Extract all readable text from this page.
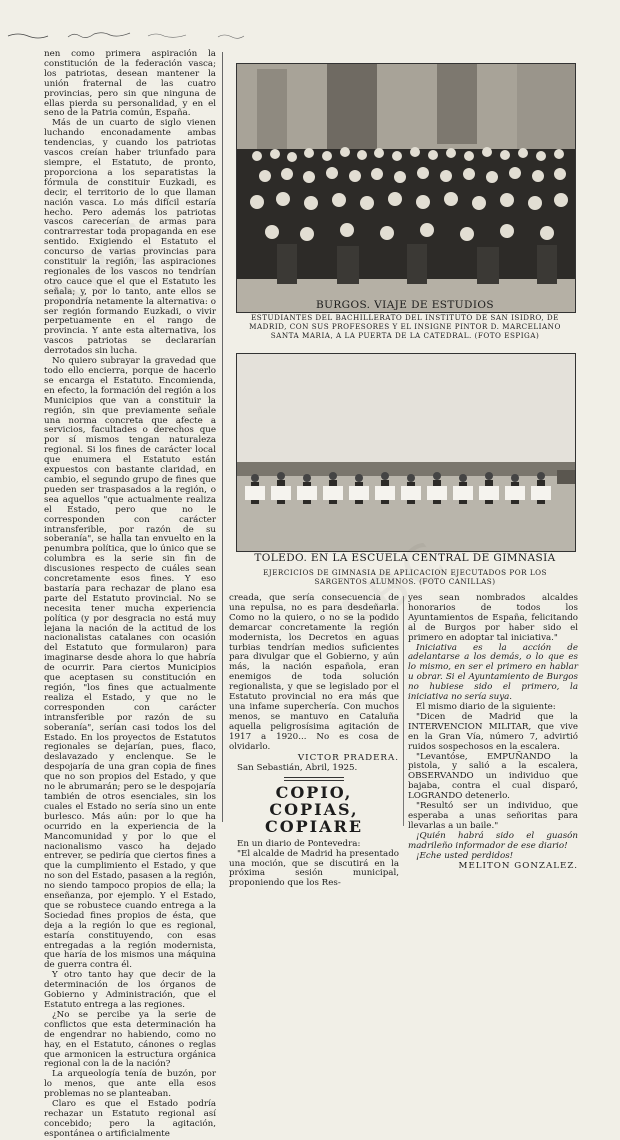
nen como primera aspiración la constitución de la federación vasca; los patriotas, desean mantener la unión fraternal de las cuatro provincias, pero sin que ninguna de ellas pierda su personalidad, y en el seno de la Patria común, España.

Más de un cuarto de siglo vienen luchando enconadamente ambas tendencias, y cuando los patriotas vascos creían haber triunfado para siempre, el Estatuto, de pronto, proporciona a los separatistas la fórmula de constituir Euzkadi, es decir, el territorio de lo que llaman nación vasca. Lo más difícil estaría hecho. Pero además los patriotas vascos carecerían de armas para contrarrestar toda propaganda en ese sentido. Exigiendo el Estatuto el concurso de varias provincias para constituir la región, las aspiraciones regionales de los vascos no tendrían otro cauce que el que el Estatuto les señala; y, por lo tanto, ante ellos se propondría netamente la alternativa: o ser región formando Euzkadi, o vivir perpetuamente en el rango de provincia. Y ante esta alternativa, los vascos patriotas se declararían derrotados sin lucha.

No quiero subrayar la gravedad que todo ello encierra, porque de hacerlo se encarga el Estatuto. Encomienda, en efecto, la formación del región a los Municipios que van a constituir la región, sin que previamente señale una norma concreta que afecte a servicios, facultades o derechos que por sí mismos tengan naturaleza regional. Si los fines de carácter local que enumera el Estatuto están expuestos con bastante claridad, en cambio, el segundo grupo de fines que pueden ser traspasados a la región, o sea aquellos "que actualmente realiza el Estado, pero que no le corresponden con carácter intransferible, por razón de su soberanía", se halla tan envuelto en la penumbra política, que lo único que se columbra es la serie sin fin de discusiones respecto de cuáles sean concretamente esos fines. Y eso bastaría para rechazar de plano esa parte del Estatuto provincial. No se necesita tener mucha experiencia política (y por desgracia no está muy lejana la nación de la actitud de los nacionalistas catalanes con ocasión del Estatuto que formularon) para imaginarse desde ahora lo que habría de ocurrir. Para ciertos Municipios que aceptasen su constitución en región, "los fines que actualmente realiza el Estado, y que no le corresponden con carácter intransferible por razón de su soberanía", serían casi todos los del Estado. En los proyectos de Estatutos regionales se dejarían, pues, flaco, deslavazado y enclenque. Se le despojaría de una gran copia de fines que no son propios del Estado, y que no le abrumarán; pero se le despojaría también de otros esenciales, sin los cuales el Estado no sería sino un ente burlesco. Más aún: por lo que ha ocurrido en la experiencia de la Mancomunidad y por lo que el nacionalismo vasco ha dejado entrever, se pediría que ciertos fines a que la cumplimiento el Estado, y que no son del Estado, pasasen a la región, no siendo tampoco propios de ella; la enseñanza, por ejemplo. Y el Estado, que se robustece cuando entrega a la Sociedad fines propios de ésta, que deja a la región lo que es regional, estaría constituyendo, con esas entregadas a la región modernista, que haría de los mismos una máquina de guerra contra él.

Y otro tanto hay que decir de la determinación de los órganos de Gobierno y Administración, que el Estatuto entrega a las regiones.

¿No se percibe ya la serie de conflictos que esta determinación ha de engendrar no habiendo, como no hay, en el Estatuto, cánones o reglas que armonicen la estructura orgánica regional con la de la nación?

La arqueología tenía de buzón, por lo menos, que ante ella esos problemas no se planteaban.

Claro es que el Estado podría rechazar un Estatuto regional así concebido; pero la agitación, espontánea o artificialmente

BURGOS. VIAJE DE ESTUDIOS
ESTUDIANTES DEL BACHILLERATO DEL INSTITUTO DE SAN ISIDRO, DE MADRID, CON SUS PROFESORES Y EL INSIGNE PINTOR D. MARCELIANO SANTA MARIA, A LA PUERTA DE LA CATEDRAL. (FOTO ESPIGA)
TOLEDO. EN LA ESCUELA CENTRAL DE GIMNASIA
EJERCICIOS DE GIMNASIA DE APLICACION EJECUTADOS POR LOS SARGENTOS ALUMNOS. (FOTO CANILLAS)

creada, que sería consecuencia de una repulsa, no es para desdeñarla. Como no la quiero, o no se la podido demarcar concretamente la región modernista, los Decretos en aguas turbias tendrían medios suficientes para divulgar que el Gobierno, y aún más, la nación española, eran enemigos de toda solución regionalista, y que se legislado por el Estatuto provincial no era más que una infame superchería. Con muchos menos, se mantuvo en Cataluña aquella peligrosísima agitación de 1917 a 1920... No es cosa de olvidarlo.

VICTOR PRADERA.

San Sebastián, Abril, 1925.

COPIO, COPIAS,
COPIARE

En un diario de Pontevedra:

"El alcalde de Madrid ha presentado una moción, que se discutirá en la próxima sesión municipal, proponiendo que los Res-

yes sean nombrados alcaldes honorarios de todos los Ayuntamientos de España, felicitando al de Burgos por haber sido el primero en adoptar tal iniciativa."

Iniciativa es la acción de adelantarse a los demás, o lo que es lo mismo, en ser el primero en hablar u obrar. Si el Ayuntamiento de Burgos no hubiese sido el primero, la iniciativa no sería suya.

El mismo diario de la siguiente:

"Dicen de Madrid que la INTERVENCION MILITAR, que vive en la Gran Vía, número 7, advirtió ruidos sospechosos en la escalera.

"Levantóse, EMPUÑANDO la pistola, y salió a la escalera, OBSERVANDO un individuo que bajaba, contra el cual disparó, LOGRANDO detenerlo.

"Resultó ser un individuo, que esperaba a unas señoritas para llevarlas a un baile."

¡Quién habrá sido el guasón madrileño informador de ese diario!

¡Eche usted perdidos!

MELITON GONZALEZ.
